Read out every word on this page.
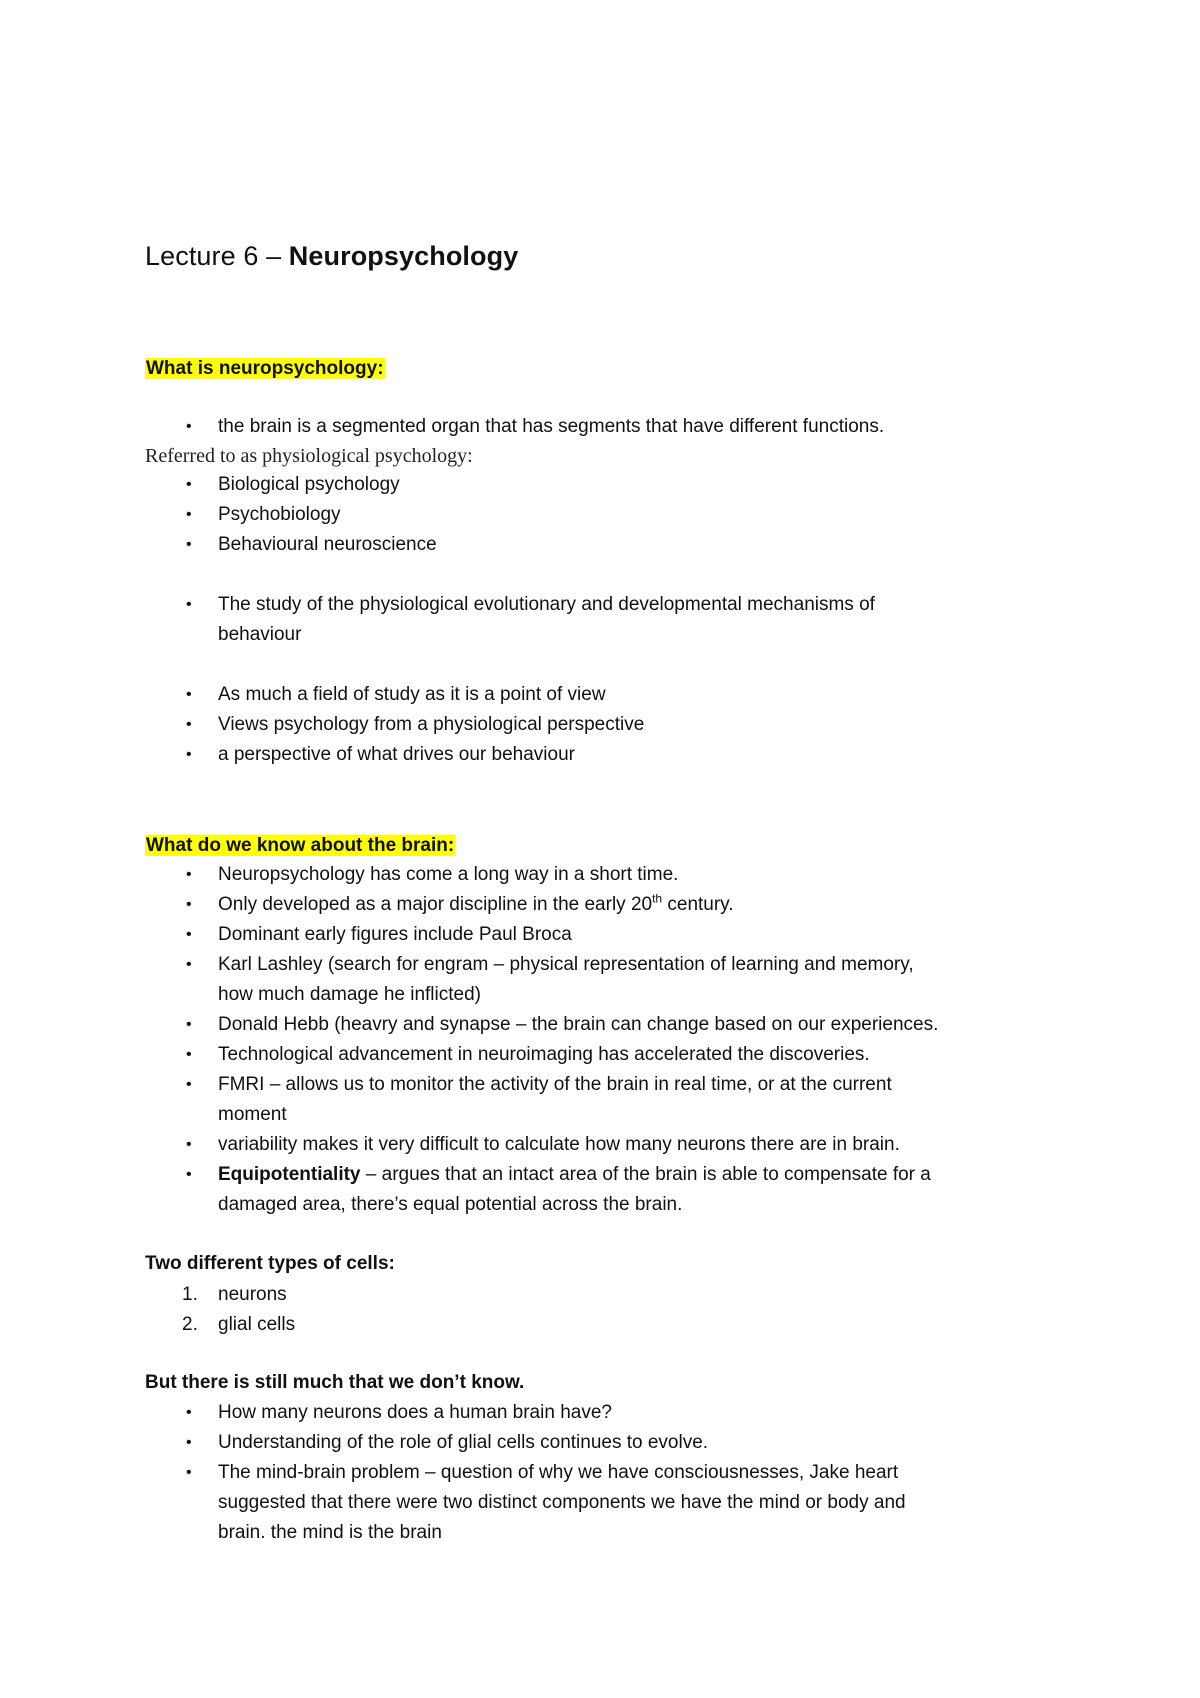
Lecture 6 – Neuropsychology
What is neuropsychology:
• the brain is a segmented organ that has segments that have different functions.
Referred to as physiological psychology:
• Biological psychology
• Psychobiology
• Behavioural neuroscience
• The study of the physiological evolutionary and developmental mechanisms of
behaviour
• As much a field of study as it is a point of view
• Views psychology from a physiological perspective
• a perspective of what drives our behaviour
What do we know about the brain:
• Neuropsychology has come a long way in a short time.
• Only developed as a major discipline in the early 20th century.
• Dominant early figures include Paul Broca
• Karl Lashley (search for engram – physical representation of learning and memory,
how much damage he inflicted)
• Donald Hebb (heavry and synapse – the brain can change based on our experiences.
• Technological advancement in neuroimaging has accelerated the discoveries.
• FMRI – allows us to monitor the activity of the brain in real time, or at the current
moment
• variability makes it very difficult to calculate how many neurons there are in brain.
• Equipotentiality – argues that an intact area of the brain is able to compensate for a
damaged area, there’s equal potential across the brain.
Two different types of cells:
1. neurons
2. glial cells
But there is still much that we don’t know.
• How many neurons does a human brain have?
• Understanding of the role of glial cells continues to evolve.
• The mind-brain problem – question of why we have consciousnesses, Jake heart
suggested that there were two distinct components we have the mind or body and
brain. the mind is the brain
